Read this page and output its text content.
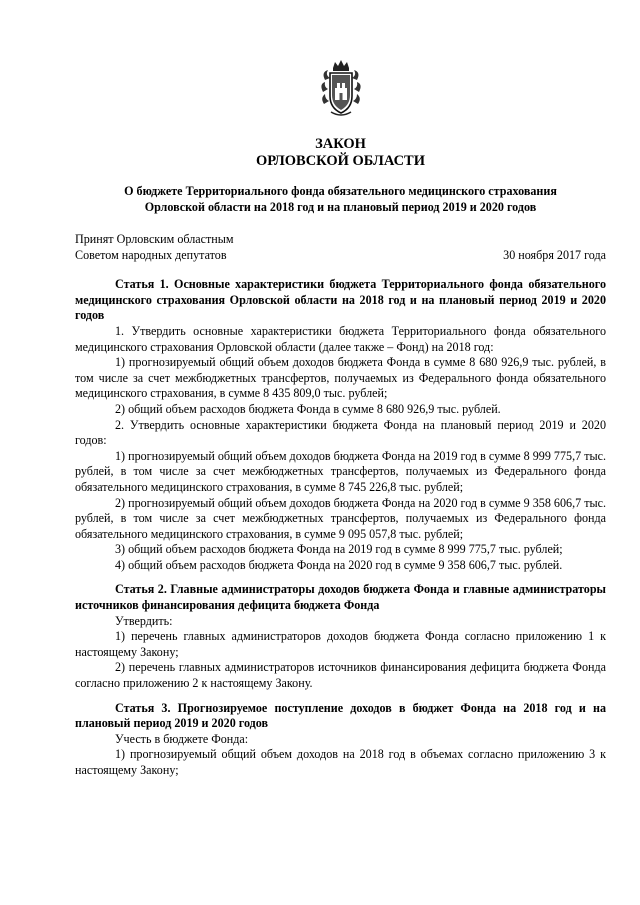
ЗАКОН
ОРЛОВСКОЙ ОБЛАСТИ
О бюджете Территориального фонда обязательного медицинского страхования
Орловской области на 2018 год и на плановый период 2019 и 2020 годов
Принят Орловским областным
Советом народных депутатов	30 ноября 2017 года
Статья 1. Основные характеристики бюджета Территориального фонда обязательного медицинского страхования Орловской области на 2018 год и на плановый период 2019 и 2020 годов

1. Утвердить основные характеристики бюджета Территориального фонда обязательного медицинского страхования Орловской области (далее также – Фонд) на 2018 год:

1) прогнозируемый общий объем доходов бюджета Фонда в сумме 8 680 926,9 тыс. рублей, в том числе за счет межбюджетных трансфертов, получаемых из Федерального фонда обязательного медицинского страхования, в сумме 8 435 809,0 тыс. рублей;

2) общий объем расходов бюджета Фонда в сумме 8 680 926,9 тыс. рублей.

2. Утвердить основные характеристики бюджета Фонда на плановый период 2019 и 2020 годов:

1) прогнозируемый общий объем доходов бюджета Фонда на 2019 год в сумме 8 999 775,7 тыс. рублей, в том числе за счет межбюджетных трансфертов, получаемых из Федерального фонда обязательного медицинского страхования, в сумме 8 745 226,8 тыс. рублей;

2) прогнозируемый общий объем доходов бюджета Фонда на 2020 год в сумме 9 358 606,7 тыс. рублей, в том числе за счет межбюджетных трансфертов, получаемых из Федерального фонда обязательного медицинского страхования, в сумме 9 095 057,8 тыс. рублей;

3) общий объем расходов бюджета Фонда на 2019 год в сумме 8 999 775,7 тыс. рублей;

4) общий объем расходов бюджета Фонда на 2020 год в сумме 9 358 606,7 тыс. рублей.

Статья 2. Главные администраторы доходов бюджета Фонда и главные администраторы источников финансирования дефицита бюджета Фонда

Утвердить:

1) перечень главных администраторов доходов бюджета Фонда согласно приложению 1 к настоящему Закону;

2) перечень главных администраторов источников финансирования дефицита бюджета Фонда согласно приложению 2 к настоящему Закону.

Статья 3. Прогнозируемое поступление доходов в бюджет Фонда на 2018 год и на плановый период 2019 и 2020 годов

Учесть в бюджете Фонда:

1) прогнозируемый общий объем доходов на 2018 год в объемах согласно приложению 3 к настоящему Закону;
